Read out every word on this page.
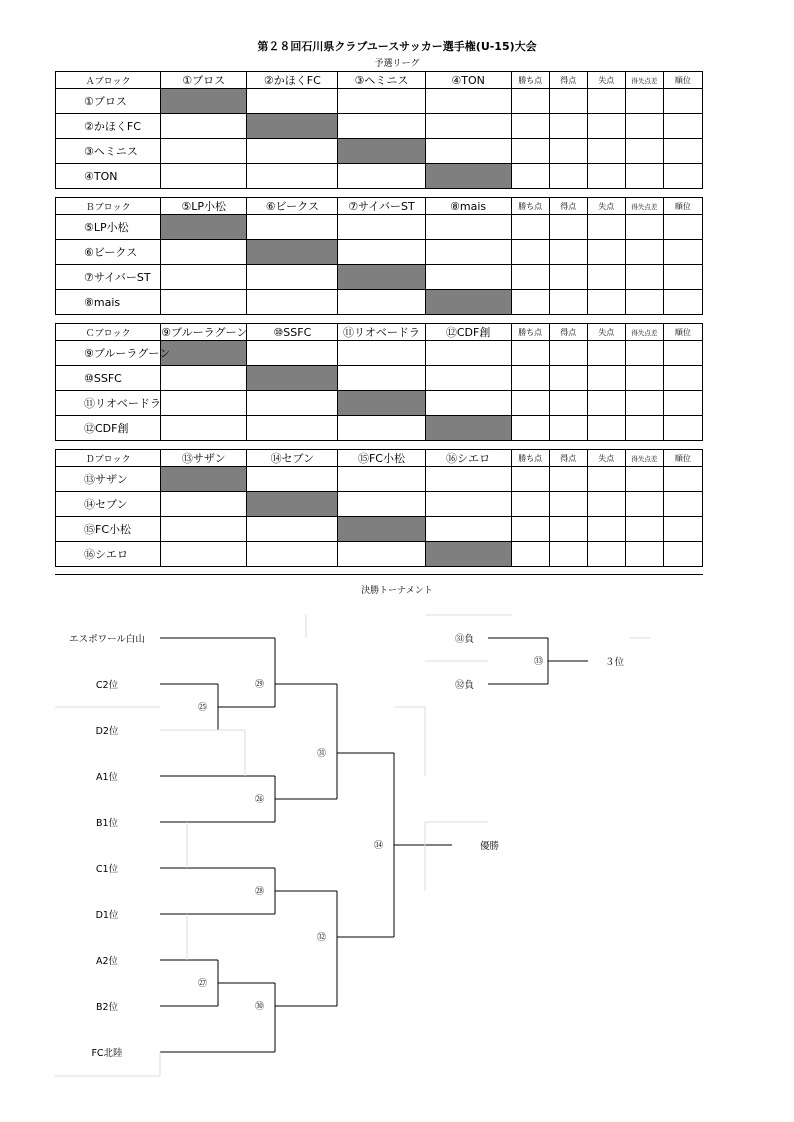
第２８回石川県クラブユースサッカー選手権(U-15)大会
予選リーグ
Ａブロック	①ブロス	②かほくFC	③ヘミニス	④TON	勝ち点	得点	失点	得失点差	順位
①ブロス									
②かほくFC									
③ヘミニス									
④TON									
Ｂブロック	⑤LP小松	⑥ビークス	⑦サイバーST	⑧mais	勝ち点	得点	失点	得失点差	順位
⑤LP小松									
⑥ビークス									
⑦サイバーST									
⑧mais									
Ｃブロック	⑨ブルーラグーン	⑩SSFC	⑪リオベードラ	⑫CDF創	勝ち点	得点	失点	得失点差	順位
⑨ブルーラグーン									
⑩SSFC									
⑪リオベードラ									
⑫CDF創									
Ｄブロック	⑬サザン	⑭セブン	⑮FC小松	⑯シエロ	勝ち点	得点	失点	得失点差	順位
⑬サザン									
⑭セブン									
⑮FC小松									
⑯シエロ									
決勝トーナメント
エスポワール白山
C2位
D2位
A1位
B1位
C1位
D1位
A2位
B2位
FC北陸
㉕
㉖
㉗
㉘
㉙
㉚
㉛
㉜
㉝
㉞
㉛負
㉜負
３位
優勝
